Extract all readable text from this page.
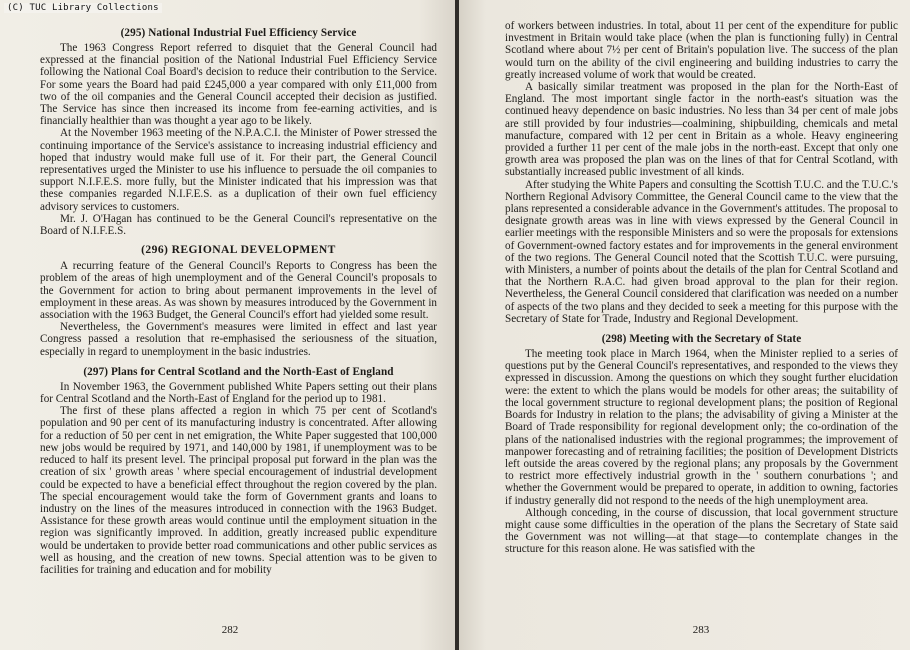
(C) TUC Library Collections
(295) National Industrial Fuel Efficiency Service

The 1963 Congress Report referred to disquiet that the General Council had expressed at the financial position of the National Industrial Fuel Efficiency Service following the National Coal Board's decision to reduce their contribution to the Service. For some years the Board had paid £245,000 a year compared with only £11,000 from two of the oil companies and the General Council accepted their decision as justified. The Service has since then increased its income from fee-earning activities, and is financially healthier than was thought a year ago to be likely.

At the November 1963 meeting of the N.P.A.C.I. the Minister of Power stressed the continuing importance of the Service's assistance to increasing industrial efficiency and hoped that industry would make full use of it. For their part, the General Council representatives urged the Minister to use his influence to persuade the oil companies to support N.I.F.E.S. more fully, but the Minister indicated that his impression was that these companies regarded N.I.F.E.S. as a duplication of their own fuel efficiency advisory services to customers.

Mr. J. O'Hagan has continued to be the General Council's representative on the Board of N.I.F.E.S.

(296) REGIONAL DEVELOPMENT

A recurring feature of the General Council's Reports to Congress has been the problem of the areas of high unemployment and of the General Council's proposals to the Government for action to bring about permanent improvements in the level of employment in these areas. As was shown by measures introduced by the Government in association with the 1963 Budget, the General Council's effort had yielded some result.

Nevertheless, the Government's measures were limited in effect and last year Congress passed a resolution that re-emphasised the seriousness of the situation, especially in regard to unemployment in the basic industries.

(297) Plans for Central Scotland and the North-East of England

In November 1963, the Government published White Papers setting out their plans for Central Scotland and the North-East of England for the period up to 1981.

The first of these plans affected a region in which 75 per cent of Scotland's population and 90 per cent of its manufacturing industry is concentrated. After allowing for a reduction of 50 per cent in net emigration, the White Paper suggested that 100,000 new jobs would be required by 1971, and 140,000 by 1981, if unemployment was to be reduced to half its present level. The principal proposal put forward in the plan was the creation of six ' growth areas ' where special encouragement of industrial development could be expected to have a beneficial effect throughout the region covered by the plan. The special encouragement would take the form of Government grants and loans to industry on the lines of the measures introduced in connection with the 1963 Budget. Assistance for these growth areas would continue until the employment situation in the region was significantly improved. In addition, greatly increased public expenditure would be undertaken to provide better road communications and other public services as well as housing, and the creation of new towns. Special attention was to be given to facilities for training and education and for mobility

282

of workers between industries. In total, about 11 per cent of the expenditure for public investment in Britain would take place (when the plan is functioning fully) in Central Scotland where about 7½ per cent of Britain's population live. The success of the plan would turn on the ability of the civil engineering and building industries to carry the greatly increased volume of work that would be created.

A basically similar treatment was proposed in the plan for the North-East of England. The most important single factor in the north-east's situation was the continued heavy dependence on basic industries. No less than 34 per cent of male jobs are still provided by four industries—coalmining, shipbuilding, chemicals and metal manufacture, compared with 12 per cent in Britain as a whole. Heavy engineering provided a further 11 per cent of the male jobs in the north-east. Except that only one growth area was proposed the plan was on the lines of that for Central Scotland, with substantially increased public investment of all kinds.

After studying the White Papers and consulting the Scottish T.U.C. and the T.U.C.'s Northern Regional Advisory Committee, the General Council came to the view that the plans represented a considerable advance in the Government's attitudes. The proposal to designate growth areas was in line with views expressed by the General Council in earlier meetings with the responsible Ministers and so were the proposals for extensions of Government-owned factory estates and for improvements in the general environment of the two regions. The General Council noted that the Scottish T.U.C. were pursuing, with Ministers, a number of points about the details of the plan for Central Scotland and that the Northern R.A.C. had given broad approval to the plan for their region. Nevertheless, the General Council considered that clarification was needed on a number of aspects of the two plans and they decided to seek a meeting for this purpose with the Secretary of State for Trade, Industry and Regional Development.

(298) Meeting with the Secretary of State

The meeting took place in March 1964, when the Minister replied to a series of questions put by the General Council's representatives, and responded to the views they expressed in discussion. Among the questions on which they sought further elucidation were: the extent to which the plans would be models for other areas; the suitability of the local government structure to regional development plans; the position of Regional Boards for Industry in relation to the plans; the advisability of giving a Minister at the Board of Trade responsibility for regional development only; the co-ordination of the plans of the nationalised industries with the regional programmes; the improvement of manpower forecasting and of retraining facilities; the position of Development Districts left outside the areas covered by the regional plans; any proposals by the Government to restrict more effectively industrial growth in the ' southern conurbations '; and whether the Government would be prepared to operate, in addition to owning, factories if industry generally did not respond to the needs of the high unemployment area.

Although conceding, in the course of discussion, that local government structure might cause some difficulties in the operation of the plans the Secretary of State said the Government was not willing—at that stage—to contemplate changes in the structure for this reason alone. He was satisfied with the

283
